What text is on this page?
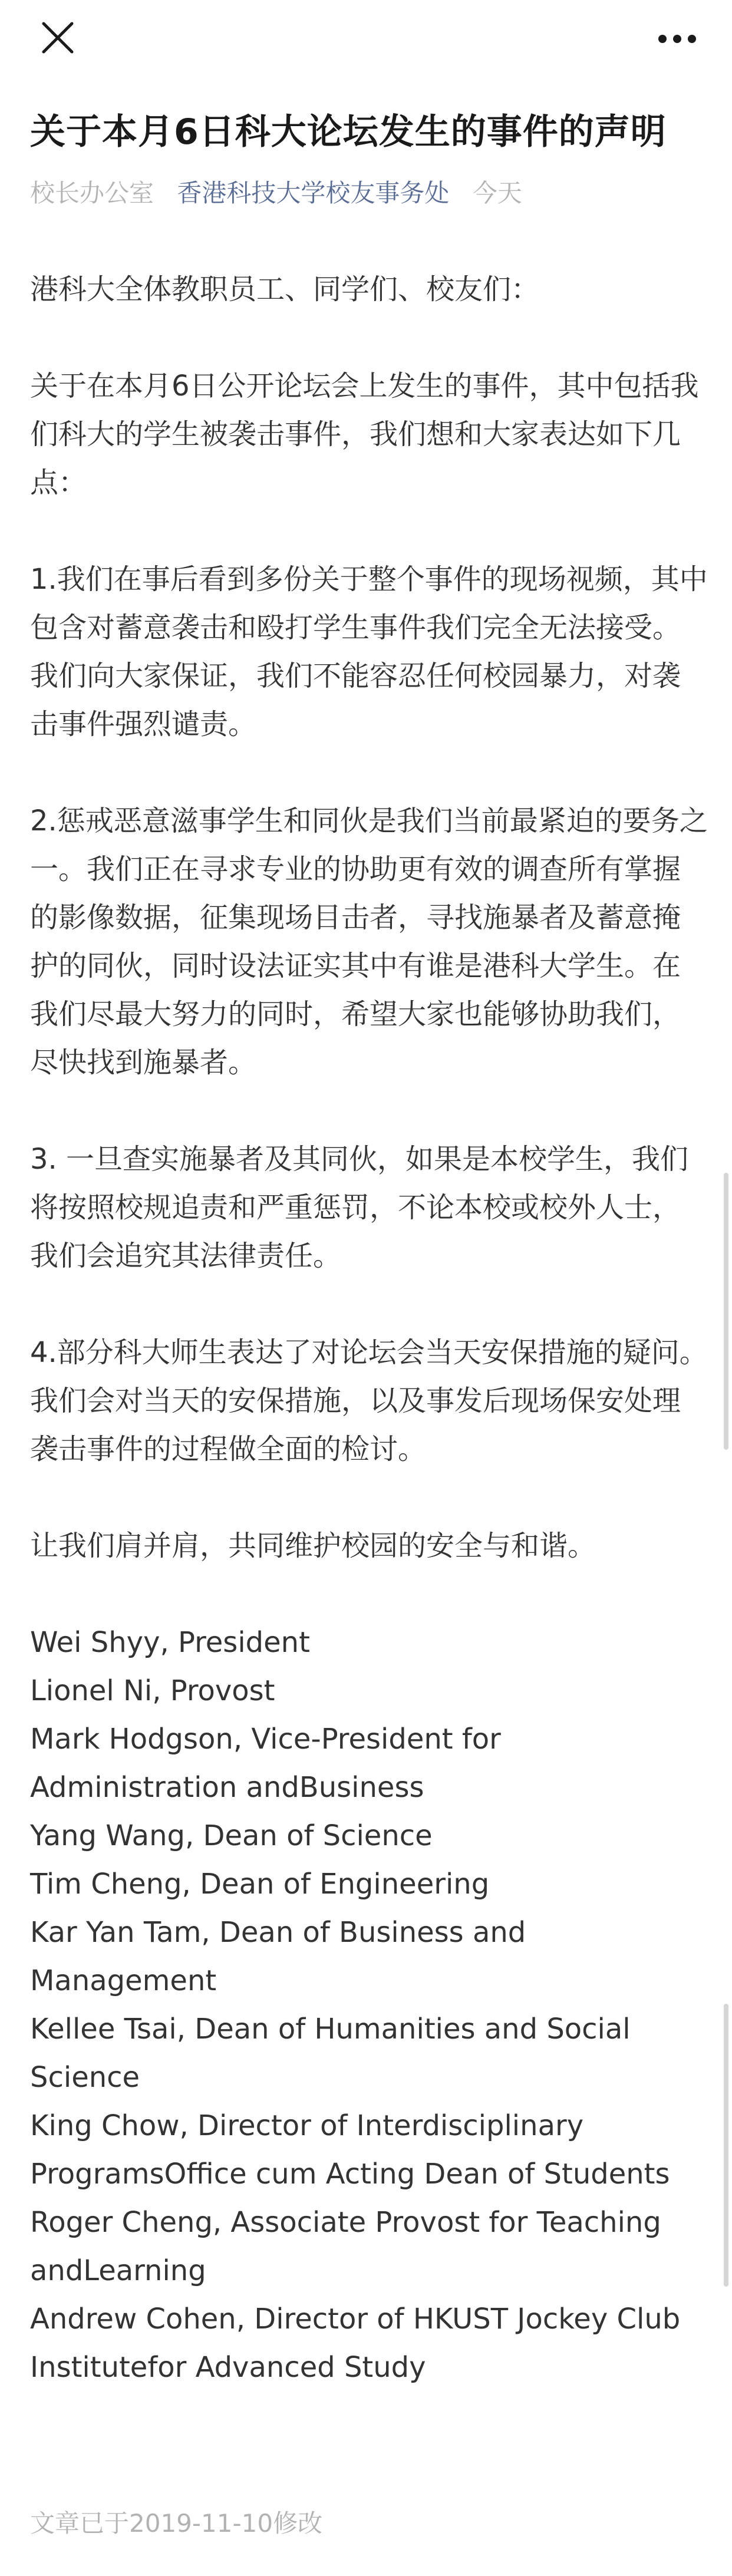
关于本月6日科大论坛发生的事件的声明
校长办公室 香港科技大学校友事务处 今天

港科大全体教职员工、同学们、校友们：

关于在本月6日公开论坛会上发生的事件，其中包括我们科大的学生被袭击事件，我们想和大家表达如下几点：

1.我们在事后看到多份关于整个事件的现场视频，其中包含对蓄意袭击和殴打学生事件我们完全无法接受。我们向大家保证，我们不能容忍任何校园暴力，对袭击事件强烈谴责。

2.惩戒恶意滋事学生和同伙是我们当前最紧迫的要务之一。我们正在寻求专业的协助更有效的调查所有掌握的影像数据，征集现场目击者，寻找施暴者及蓄意掩护的同伙，同时设法证实其中有谁是港科大学生。在我们尽最大努力的同时，希望大家也能够协助我们，尽快找到施暴者。

3. 一旦查实施暴者及其同伙，如果是本校学生，我们将按照校规追责和严重惩罚，不论本校或校外人士，我们会追究其法律责任。

4.部分科大师生表达了对论坛会当天安保措施的疑问。我们会对当天的安保措施，以及事发后现场保安处理袭击事件的过程做全面的检讨。

让我们肩并肩，共同维护校园的安全与和谐。

Wei Shyy, President
Lionel Ni, Provost
Mark Hodgson, Vice-President for Administration andBusiness
Yang Wang, Dean of Science
Tim Cheng, Dean of Engineering
Kar Yan Tam, Dean of Business and Management
Kellee Tsai, Dean of Humanities and Social Science
King Chow, Director of Interdisciplinary ProgramsOffice cum Acting Dean of Students
Roger Cheng, Associate Provost for Teaching andLearning
Andrew Cohen, Director of HKUST Jockey Club Institutefor Advanced Study
文章已于2019-11-10修改
